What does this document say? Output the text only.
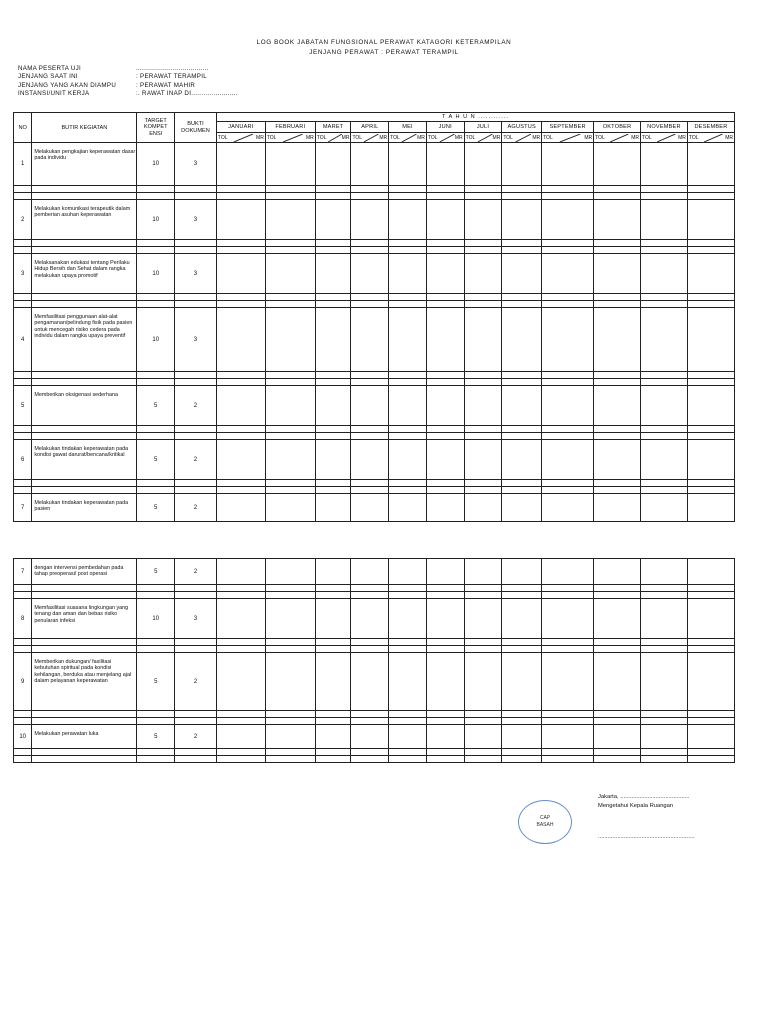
LOG BOOK JABATAN FUNGSIONAL PERAWAT KATAGORI KETERAMPILAN
JENJANG PERAWAT : PERAWAT TERAMPIL
NAMA PESERTA UJI	....................................
JENJANG SAAT INI	: PERAWAT TERAMPIL
JENJANG YANG AKAN DIAMPU	: PERAWAT MAHIR
INSTANSI/UNIT KERJA	:. RAWAT INAP DI.......................
NO	BUTIR KEGIATAN	TARGET KOMPET ENSI	BUKTI DOKUMEN	T A H U N ............											
				JANUARI	FEBRUARI	MARET	APRIL	MEI	JUNI	JULI	AGUSTUS	SEPTEMBER	OKTOBER	NOVEMBER	DESEMBER

				TOL MR	TOL MR	TOL MR	TOL MR	TOL MR	TOL MR	TOL MR	TOL MR	TOL MR	TOL MR	TOL MR	TOL MR

1	Melakukan pengkajian keperawatan dasar pada individu	10	3												

2	Melakukan komunikasi terapeutik dalam pemberian asuhan keperawatan	10	3												

3	Melaksanakan edukasi tentang Perilaku Hidup Bersih dan Sehat dalam rangka melakukan upaya promotif	10	3												

4	Memfasilitasi penggunaan alat-alat pengamanan/pelindung fisik pada pasien untuk mencegah risiko cedera pada individu dalam rangka upaya preventif	10	3												

5	Memberikan oksigenasi sederhana	5	2												

6	Melakukan tindakan keperawatan pada kondisi gawat darurat/bencana/kritikal	5	2												

7	Melakukan tindakan keperawatan pada pasien	5	2												
7	dengan intervensi pembedahan pada tahap preoperasi/ post operasi	5	2												

8	Memfasilitasi suasana lingkungan yang tenang dan aman dan bebas risiko penularan infeksi	10	3												

9	Memberikan dukungan/ fasilitasi kebutuhan spiritual pada kondisi kehilangan, berduka atau menjelang ajal dalam pelayanan keperawatan	5	2												

10	Melakukan perawatan luka	5	2												

CAP
BASAH
Jakarta, ...........................................
Mengetahui Kepala Ruangan
............................................................
